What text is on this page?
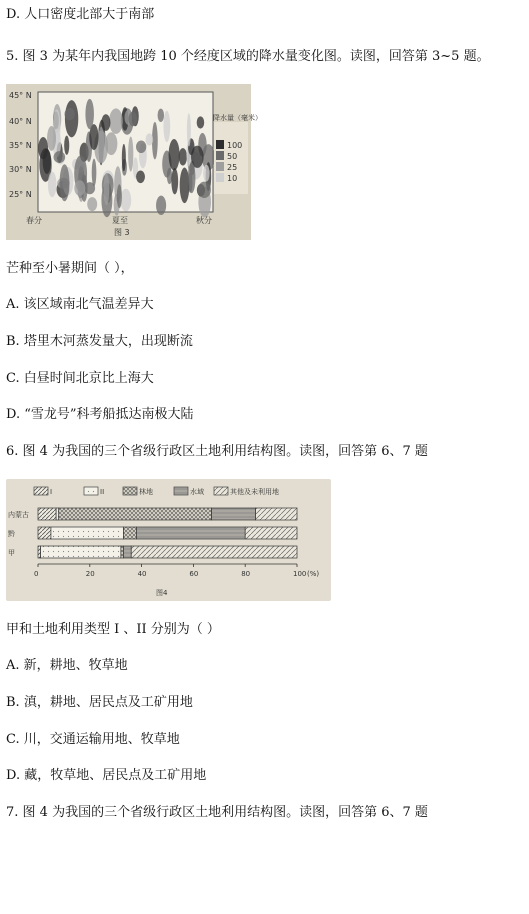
D. 人口密度北部大于南部
5. 图 3 为某年内我国地跨 10 个经度区域的降水量变化图。读图，回答第 3~5 题。
45° N
40° N
35° N
30° N
25° N
春分	夏至	秋分
图 3
降水量（毫米）
100
50
25
10
芒种至小暑期间（ ），
A. 该区域南北气温差异大
B. 塔里木河蒸发量大，出现断流
C. 白昼时间北京比上海大
D. “雪龙号”科考船抵达南极大陆
6. 图 4 为我国的三个省级行政区土地利用结构图。读图，回答第 6、7 题
I	II	林地	水域	其他及未利用地
内蒙古
黔
甲
0	20	40	60	80	100 (%)
图4
甲和土地利用类型 I 、II 分别为（ ）
A. 新，耕地、牧草地
B. 滇，耕地、居民点及工矿用地
C. 川，交通运输用地、牧草地
D. 藏，牧草地、居民点及工矿用地
7. 图 4 为我国的三个省级行政区土地利用结构图。读图，回答第 6、7 题
